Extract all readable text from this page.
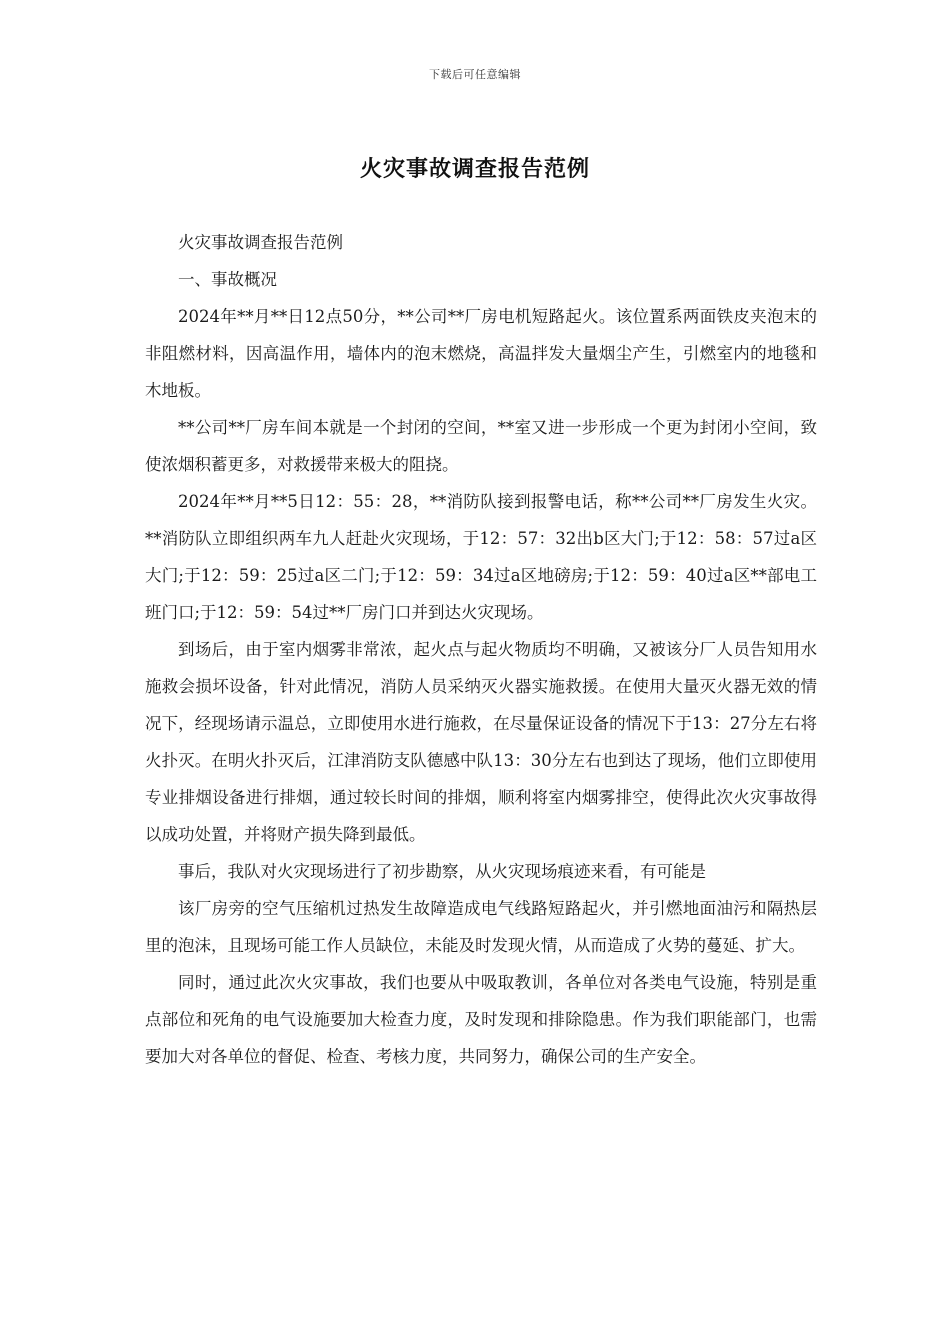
下载后可任意编辑
火灾事故调查报告范例

火灾事故调查报告范例

一、事故概况

2024年**月**日12点50分，**公司**厂房电机短路起火。该位置系两面铁皮夹泡末的非阻燃材料，因高温作用，墙体内的泡末燃烧，高温拌发大量烟尘产生，引燃室内的地毯和木地板。

**公司**厂房车间本就是一个封闭的空间，**室又进一步形成一个更为封闭小空间，致使浓烟积蓄更多，对救援带来极大的阻挠。

2024年**月**5日12：55：28，**消防队接到报警电话，称**公司**厂房发生火灾。**消防队立即组织两车九人赶赴火灾现场，于12：57：32出b区大门;于12：58：57过a区大门;于12：59：25过a区二门;于12：59：34过a区地磅房;于12：59：40过a区**部电工班门口;于12：59：54过**厂房门口并到达火灾现场。

到场后，由于室内烟雾非常浓，起火点与起火物质均不明确，又被该分厂人员告知用水施救会损坏设备，针对此情况，消防人员采纳灭火器实施救援。在使用大量灭火器无效的情况下，经现场请示温总，立即使用水进行施救，在尽量保证设备的情况下于13：27分左右将火扑灭。在明火扑灭后，江津消防支队德感中队13：30分左右也到达了现场，他们立即使用专业排烟设备进行排烟，通过较长时间的排烟，顺利将室内烟雾排空，使得此次火灾事故得以成功处置，并将财产损失降到最低。

事后，我队对火灾现场进行了初步勘察，从火灾现场痕迹来看，有可能是

该厂房旁的空气压缩机过热发生故障造成电气线路短路起火，并引燃地面油污和隔热层里的泡沫，且现场可能工作人员缺位，未能及时发现火情，从而造成了火势的蔓延、扩大。

同时，通过此次火灾事故，我们也要从中吸取教训，各单位对各类电气设施，特别是重点部位和死角的电气设施要加大检查力度，及时发现和排除隐患。作为我们职能部门，也需要加大对各单位的督促、检查、考核力度，共同努力，确保公司的生产安全。
